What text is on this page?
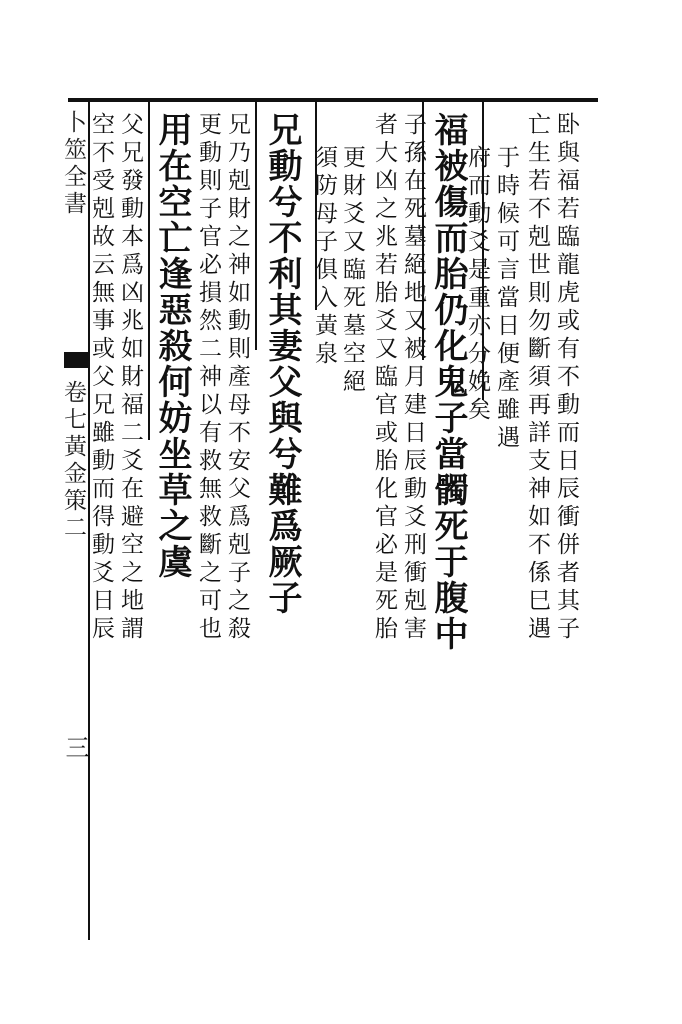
卧與福若臨龍虎或有不動而日辰衝併者其子
亡生若不剋世則勿斷須再詳支神如不係巳遇
于時候可言當日便產雖遇
府而動爻是重亦分娩矣
福被傷而胎仍化鬼子當髑死于腹中
子孫在死墓絕地又被月建日辰動爻刑衝剋害
者大凶之兆若胎爻又臨官或胎化官必是死胎
更財爻又臨死墓空絕
須防母子俱入黃泉
兄動兮不利其妻父與兮難爲厥子
兄乃剋財之神如動則產母不安父爲剋子之殺
更動則子官必損然二神以有救無救斷之可也
用在空亡逢惡殺何妨坐草之虞
父兄發動本爲凶兆如財福二爻在避空之地謂
空不受剋故云無事或父兄雖動而得動爻日辰
卜筮全書
卷七黃金策二
三
